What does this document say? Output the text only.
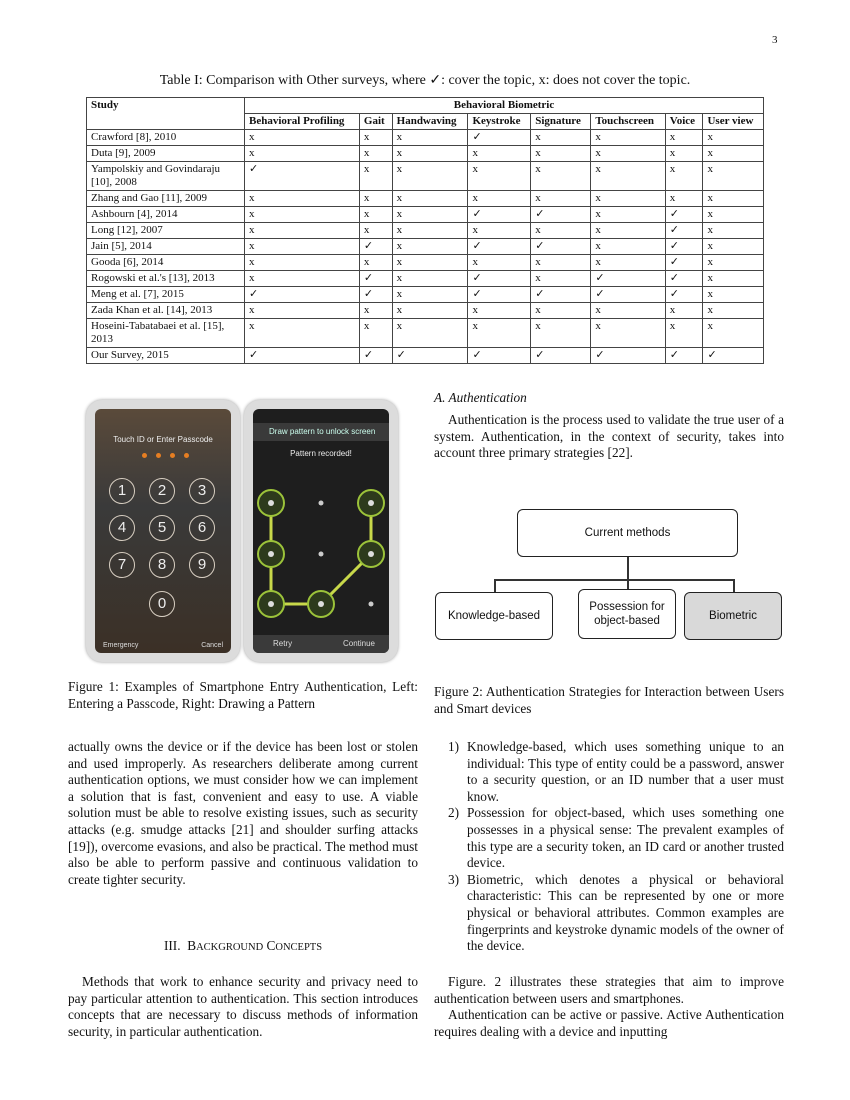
3
Table I: Comparison with Other surveys, where ✓: cover the topic, x: does not cover the topic.
Study	Behavioral Biometric							
	Behavioral Profiling	Gait	Handwaving	Keystroke	Signature	Touchscreen	Voice	User view
Crawford [8], 2010	x	x	x	✓	x	x	x	x
Duta [9], 2009	x	x	x	x	x	x	x	x
Yampolskiy and Govindaraju [10], 2008	✓	x	x	x	x	x	x	x
Zhang and Gao [11], 2009	x	x	x	x	x	x	x	x
Ashbourn [4], 2014	x	x	x	✓	✓	x	✓	x
Long [12], 2007	x	x	x	x	x	x	✓	x
Jain [5], 2014	x	✓	x	✓	✓	x	✓	x
Gooda [6], 2014	x	x	x	x	x	x	✓	x
Rogowski et al.'s [13], 2013	x	✓	x	✓	x	✓	✓	x
Meng et al. [7], 2015	✓	✓	x	✓	✓	✓	✓	x
Zada Khan et al. [14], 2013	x	x	x	x	x	x	x	x
Hoseini-Tabatabaei et al. [15], 2013	x	x	x	x	x	x	x	x
Our Survey, 2015	✓	✓	✓	✓	✓	✓	✓	✓
Touch ID or Enter Passcode
1	2	3
4	5	6
7	8	9
0
Emergency	Cancel
Draw pattern to unlock screen
Pattern recorded!
Retry	Continue
Figure 1: Examples of Smartphone Entry Authentication, Left: Entering a Passcode, Right: Drawing a Pattern
A. Authentication
Authentication is the process used to validate the true user of a system. Authentication, in the context of security, takes into account three primary strategies [22].
Current methods
Knowledge-based
Possession for object-based	Biometric
Figure 2: Authentication Strategies for Interaction between Users and Smart devices
actually owns the device or if the device has been lost or stolen and used improperly. As researchers deliberate among current authentication options, we must consider how we can implement a solution that is fast, convenient and easy to use. A viable solution must be able to resolve existing issues, such as security attacks (e.g. smudge attacks [21] and shoulder surfing attacks [19]), overcome evasions, and also be practical. The method must also be able to perform passive and continuous validation to create tighter security.
III. BACKGROUND CONCEPTS
Methods that work to enhance security and privacy need to pay particular attention to authentication. This section introduces concepts that are necessary to discuss methods of information security, in particular authentication.
1) Knowledge-based, which uses something unique to an individual: This type of entity could be a password, answer to a security question, or an ID number that a user must know.
2) Possession for object-based, which uses something one possesses in a physical sense: The prevalent examples of this type are a security token, an ID card or another trusted device.
3) Biometric, which denotes a physical or behavioral characteristic: This can be represented by one or more physical or behavioral attributes. Common examples are fingerprints and keystroke dynamic models of the owner of the device.
Figure. 2 illustrates these strategies that aim to improve authentication between users and smartphones.
Authentication can be active or passive. Active Authentication requires dealing with a device and inputting
